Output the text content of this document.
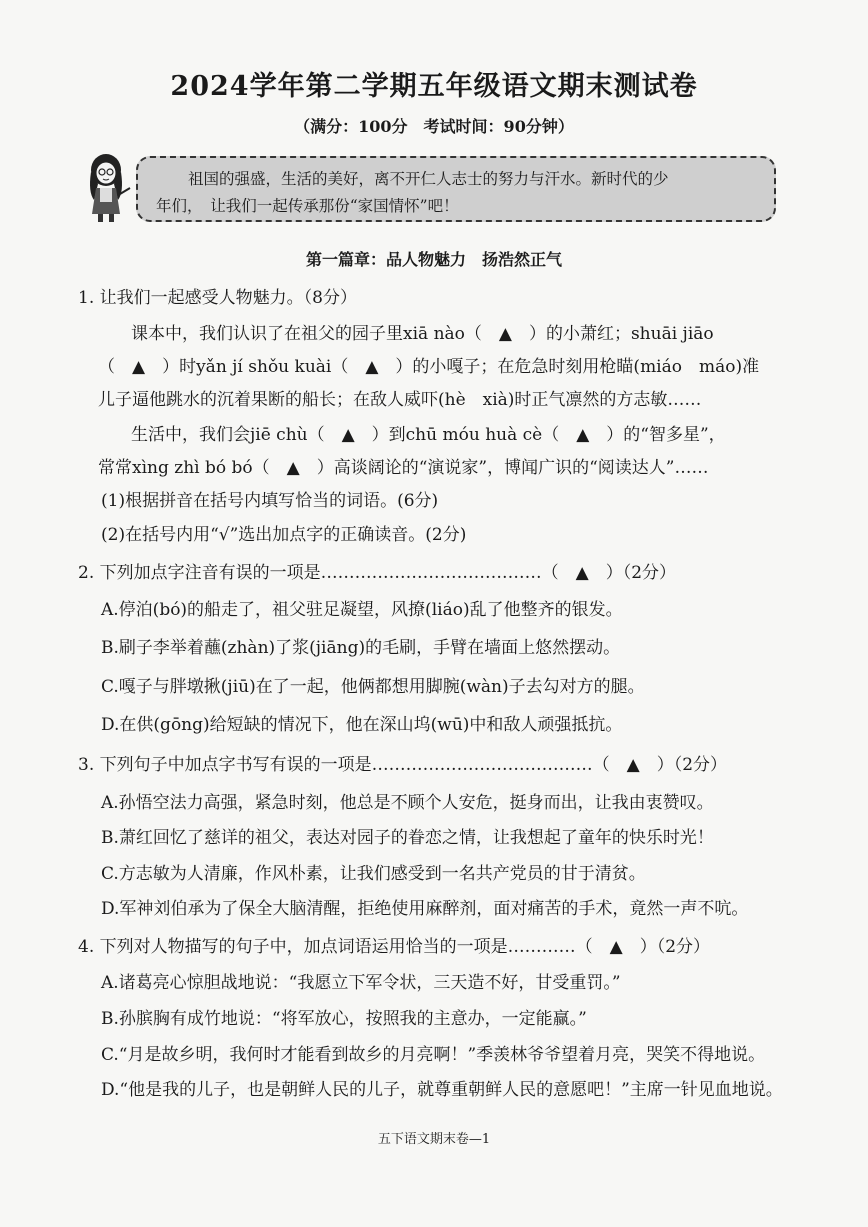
2024学年第二学期五年级语文期末测试卷
（满分：100分　考试时间：90分钟）
祖国的强盛，生活的美好，离不开仁人志士的努力与汗水。新时代的少
年们，　让我们一起传承那份“家国情怀”吧！
第一篇章：品人物魅力　扬浩然正气
1. 让我们一起感受人物魅力。（8分）
课本中，我们认识了在祖父的园子里xiā nào（　▲　）的小萧红；shuāi jiāo
（　▲　）时yǎn jí shǒu kuài（　▲　）的小嘎子；在危急时刻用枪瞄(miáo　máo)准
儿子逼他跳水的沉着果断的船长；在敌人威吓(hè　xià)时正气凛然的方志敏……
生活中，我们会jiē chù（　▲　）到chū móu huà cè（　▲　）的“智多星”，
常常xìng zhì bó bó（　▲　）高谈阔论的“演说家”，博闻广识的“阅读达人”……
(1)根据拼音在括号内填写恰当的词语。(6分)
(2)在括号内用“√”选出加点字的正确读音。(2分)
2. 下列加点字注音有误的一项是…………………………………（　▲　）（2分）
A.停泊(bó)的船走了，祖父驻足凝望，风撩(liáo)乱了他整齐的银发。
B.刷子李举着蘸(zhàn)了浆(jiāng)的毛刷，手臂在墙面上悠然摆动。
C.嘎子与胖墩揪(jiū)在了一起，他俩都想用脚腕(wàn)子去勾对方的腿。
D.在供(gōng)给短缺的情况下，他在深山坞(wū)中和敌人顽强抵抗。
3. 下列句子中加点字书写有误的一项是…………………………………（　▲　）（2分）
A.孙悟空法力高强，紧急时刻，他总是不顾个人安危，挺身而出，让我由衷赞叹。
B.萧红回忆了慈详的祖父，表达对园子的眷恋之情，让我想起了童年的快乐时光！
C.方志敏为人清廉，作风朴素，让我们感受到一名共产党员的甘于清贫。
D.军神刘伯承为了保全大脑清醒，拒绝使用麻醉剂，面对痛苦的手术，竟然一声不吭。
4. 下列对人物描写的句子中，加点词语运用恰当的一项是…………（　▲　）（2分）
A.诸葛亮心惊胆战地说：“我愿立下军令状，三天造不好，甘受重罚。”
B.孙膑胸有成竹地说：“将军放心，按照我的主意办，一定能赢。”
C.“月是故乡明，我何时才能看到故乡的月亮啊！”季羡林爷爷望着月亮，哭笑不得地说。
D.“他是我的儿子，也是朝鲜人民的儿子，就尊重朝鲜人民的意愿吧！”主席一针见血地说。
五下语文期末卷—1
